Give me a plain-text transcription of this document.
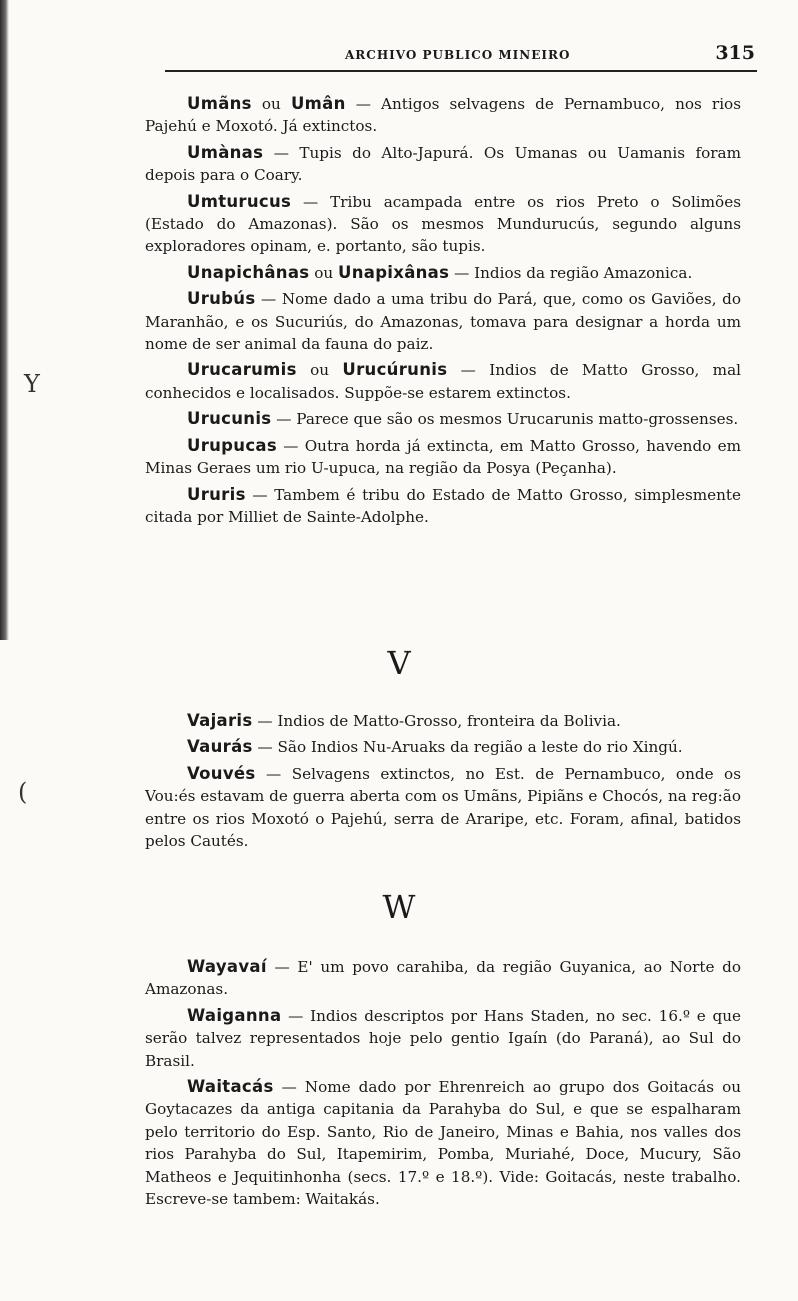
ARCHIVO PUBLICO MINEIRO	315
Y
(

Umãns ou Umân — Antigos selvagens de Pernambuco, nos rios Pajehú e Moxotó. Já extinctos.

Umànas — Tupis do Alto-Japurá. Os Umanas ou Uamanis foram depois para o Coary.

Umturucus — Tribu acampada entre os rios Preto o Solimões (Estado do Amazonas). São os mesmos Mundurucús, segundo alguns exploradores opinam, e. portanto, são tupis.

Unapichânas ou Unapixânas — Indios da região Amazonica.

Urubús — Nome dado a uma tribu do Pará, que, como os Gaviões, do Maranhão, e os Sucuriús, do Amazonas, tomava para designar a horda um nome de ser animal da fauna do paiz.

Urucarumis ou Urucúrunis — Indios de Matto Grosso, mal conhecidos e localisados. Suppõe-se estarem extinctos.

Urucunis — Parece que são os mesmos Urucarunis matto-grossenses.

Urupucas — Outra horda já extincta, em Matto Grosso, havendo em Minas Geraes um rio U-upuca, na região da Posya (Peçanha).

Ururis — Tambem é tribu do Estado de Matto Grosso, simplesmente citada por Milliet de Sainte-Adolphe.

V

Vajaris — Indios de Matto-Grosso, fronteira da Bolivia.

Vaurás — São Indios Nu-Aruaks da região a leste do rio Xingú.

Vouvés — Selvagens extinctos, no Est. de Pernambuco, onde os Vou:és estavam de guerra aberta com os Umãns, Pipiãns e Chocós, na reg:ão entre os rios Moxotó o Pajehú, serra de Araripe, etc. Foram, afinal, batidos pelos Cautés.

W

Wayavaí — E' um povo carahiba, da região Guyanica, ao Norte do Amazonas.

Waiganna — Indios descriptos por Hans Staden, no sec. 16.º e que serão talvez representados hoje pelo gentio Igaín (do Paraná), ao Sul do Brasil.

Waitacás — Nome dado por Ehrenreich ao grupo dos Goitacás ou Goytacazes da antiga capitania da Parahyba do Sul, e que se espalharam pelo territorio do Esp. Santo, Rio de Janeiro, Minas e Bahia, nos valles dos rios Parahyba do Sul, Itapemirim, Pomba, Muriahé, Doce, Mucury, São Matheos e Jequitinhonha (secs. 17.º e 18.º). Vide: Goitacás, neste trabalho. Escreve-se tambem: Waitakás.
